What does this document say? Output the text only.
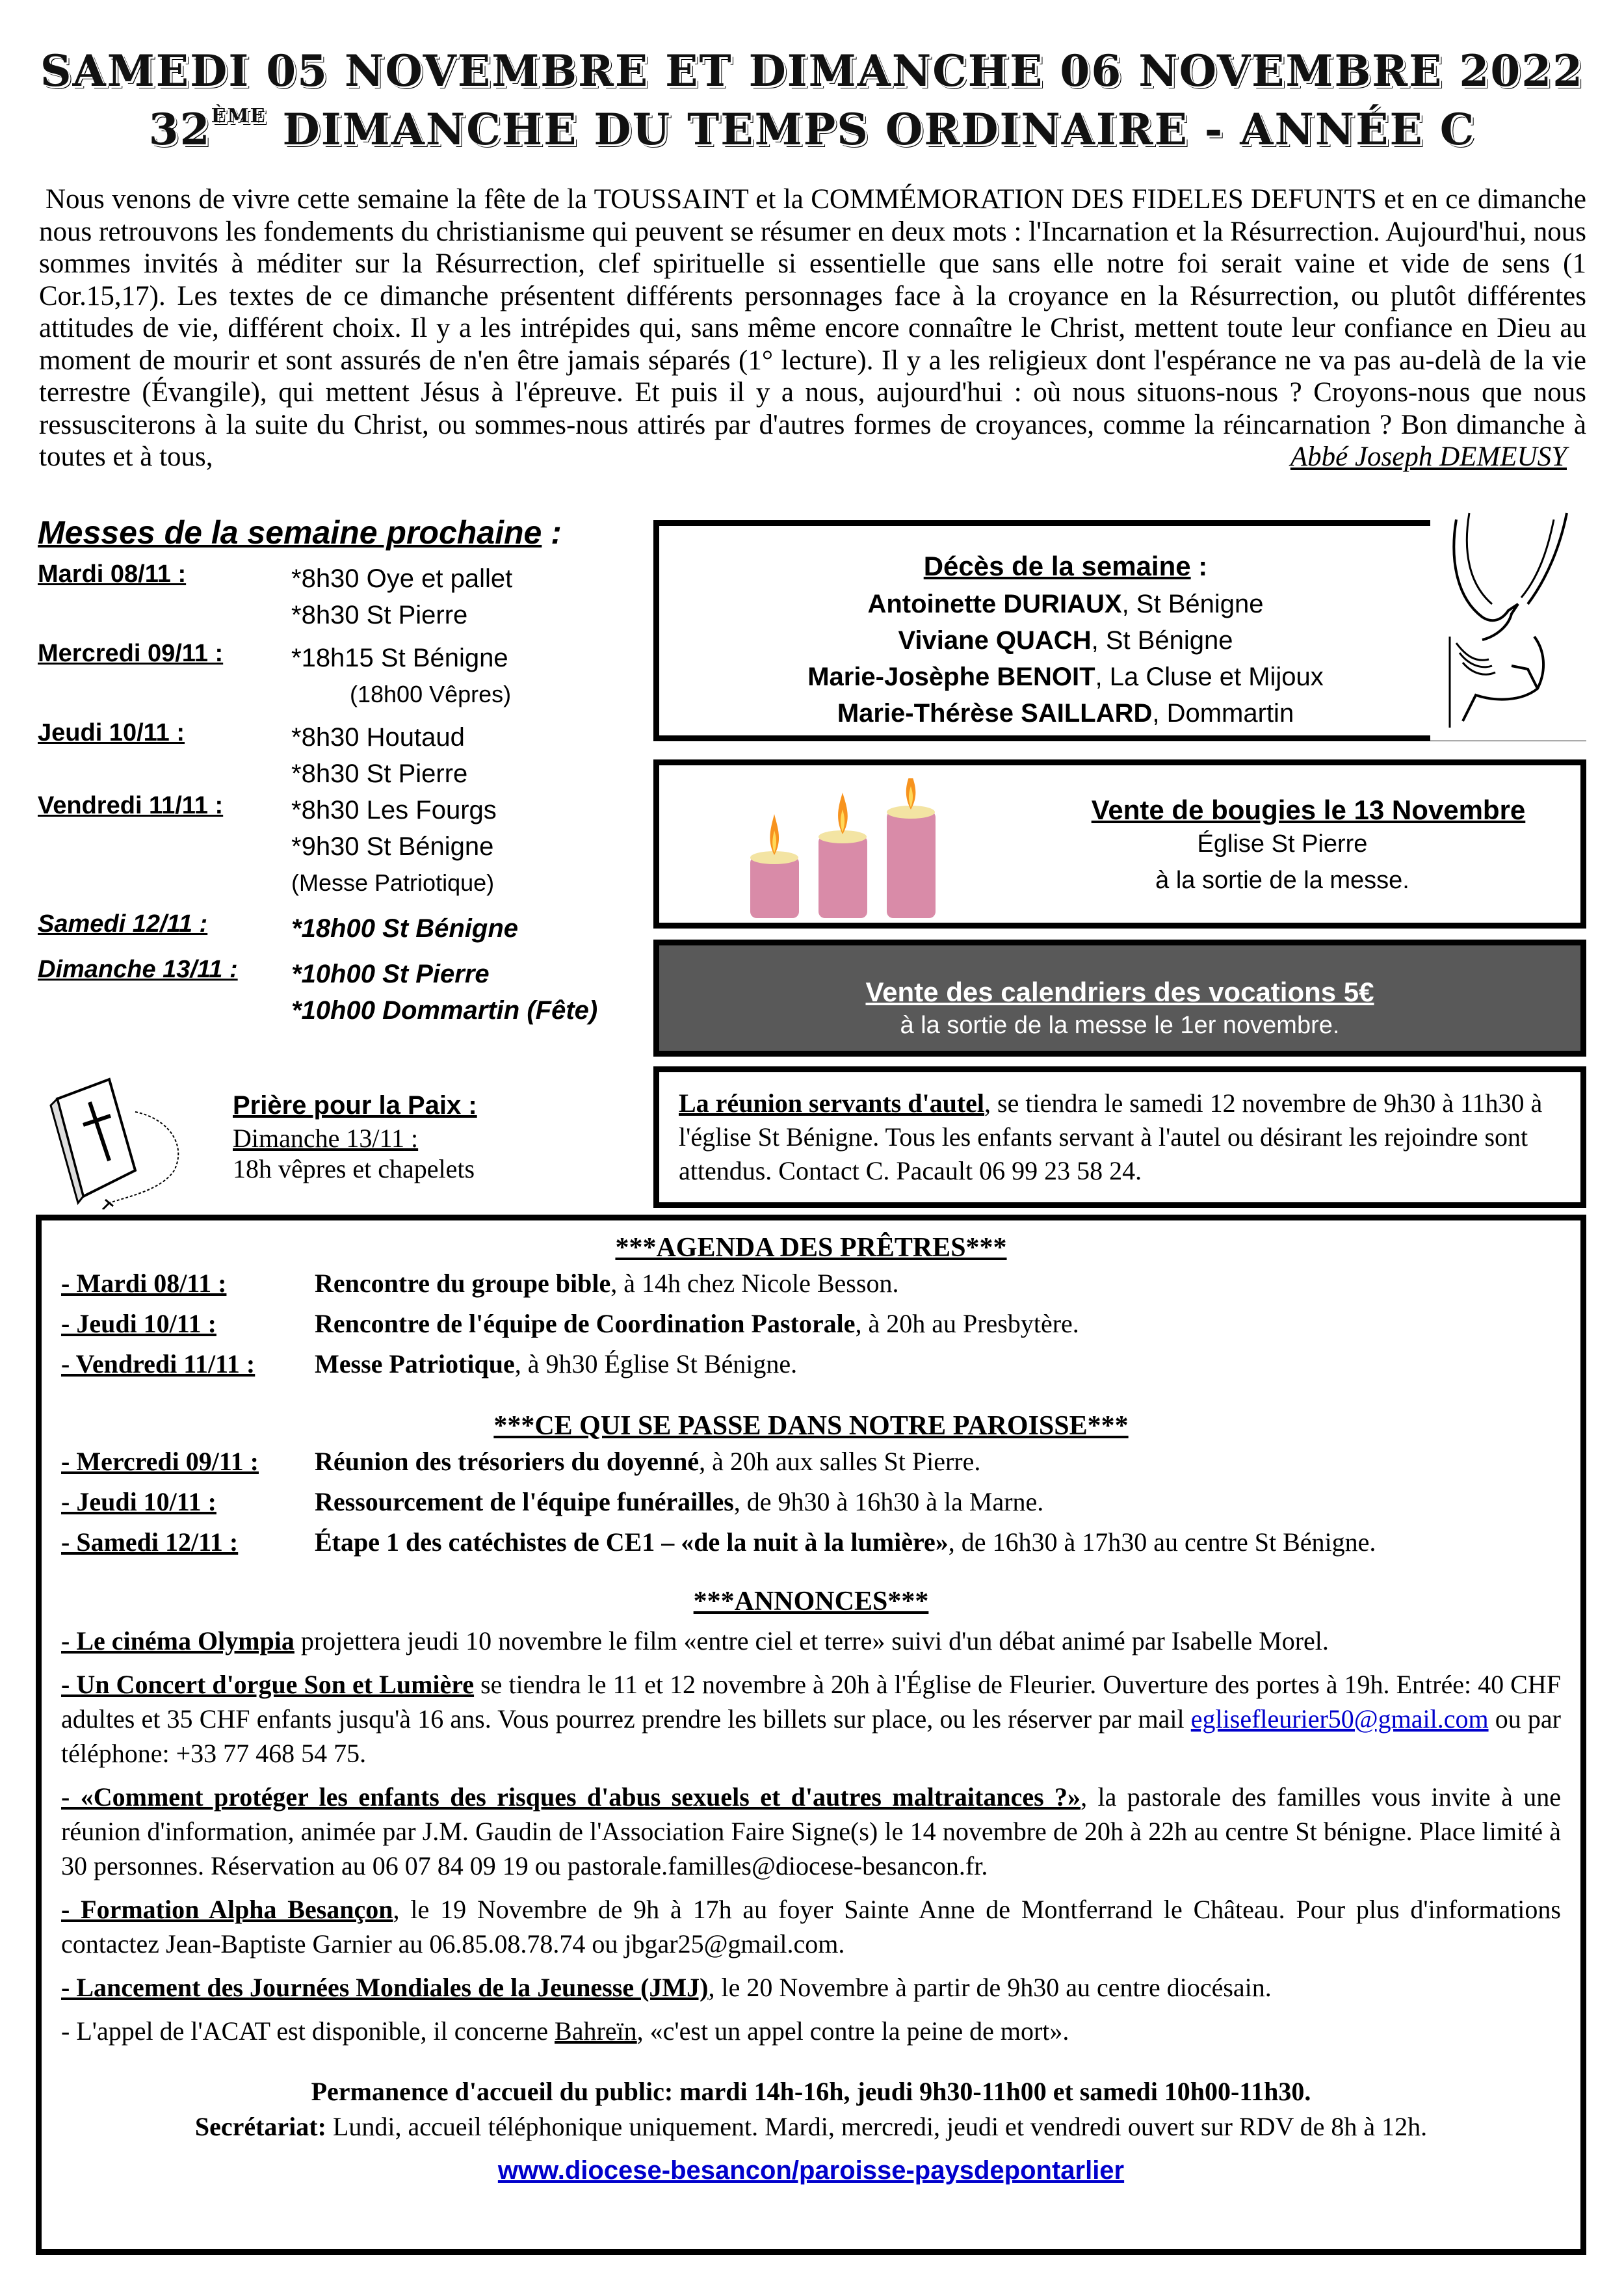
SAMEDI 05 NOVEMBRE ET DIMANCHE 06 NOVEMBRE 2022
32ÈME DIMANCHE DU TEMPS ORDINAIRE - ANNÉE C
Nous venons de vivre cette semaine la fête de la TOUSSAINT et la COMMÉMORATION DES FIDELES DEFUNTS et en ce dimanche nous retrouvons les fondements du christianisme qui peuvent se résumer en deux mots : l'Incarnation et la Résurrection. Aujourd'hui, nous sommes invités à méditer sur la Résurrection, clef spirituelle si essentielle que sans elle notre foi serait vaine et vide de sens (1 Cor.15,17). Les textes de ce dimanche présentent différents personnages face à la croyance en la Résurrection, ou plutôt différentes attitudes de vie, différent choix. Il y a les intrépides qui, sans même encore connaître le Christ, mettent toute leur confiance en Dieu au moment de mourir et sont assurés de n'en être jamais séparés (1° lecture). Il y a les religieux dont l'espérance ne va pas au-delà de la vie terrestre (Évangile), qui mettent Jésus à l'épreuve. Et puis il y a nous, aujourd'hui : où nous situons-nous ? Croyons-nous que nous ressusciterons à la suite du Christ, ou sommes-nous attirés par d'autres formes de croyances, comme la réincarnation ? Bon dimanche à toutes et à tous,	Abbé Joseph DEMEUSY
Messes de la semaine prochaine :
Mardi 08/11 :	*8h30 Oye et pallet
*8h30 St Pierre
Mercredi 09/11 :	*18h15 St Bénigne
(18h00 Vêpres)
Jeudi 10/11 :	*8h30 Houtaud
*8h30 St Pierre
Vendredi 11/11 :	*8h30 Les Fourgs
*9h30 St Bénigne
(Messe Patriotique)
Samedi 12/11 :	*18h00 St Bénigne
Dimanche 13/11 :	*10h00 St Pierre
*10h00 Dommartin (Fête)
Décès de la semaine :
Antoinette DURIAUX, St Bénigne
Viviane QUACH, St Bénigne
Marie-Josèphe BENOIT, La Cluse et Mijoux
Marie-Thérèse SAILLARD, Dommartin
Vente de bougies le 13 Novembre
Église St Pierre
à la sortie de la messe.
Vente des calendriers des vocations 5€
à la sortie de la messe le 1er novembre.
Prière pour la Paix :
Dimanche 13/11 :
18h vêpres et chapelets
La réunion servants d'autel, se tiendra le samedi 12 novembre de 9h30 à 11h30 à l'église St Bénigne. Tous les enfants servant à l'autel ou désirant les rejoindre sont attendus. Contact C. Pacault 06 99 23 58 24.
***AGENDA DES PRÊTRES***
- Mardi 08/11 :	Rencontre du groupe bible, à 14h chez Nicole Besson.
- Jeudi 10/11 :	Rencontre de l'équipe de Coordination Pastorale, à 20h au Presbytère.
- Vendredi 11/11 :	Messe Patriotique, à 9h30 Église St Bénigne.
***CE QUI SE PASSE DANS NOTRE PAROISSE***
- Mercredi 09/11 :	Réunion des trésoriers du doyenné, à 20h aux salles St Pierre.
- Jeudi 10/11 :	Ressourcement de l'équipe funérailles, de 9h30 à 16h30 à la Marne.
- Samedi 12/11 :	Étape 1 des catéchistes de CE1 – «de la nuit à la lumière», de 16h30 à 17h30 au centre St Bénigne.
***ANNONCES***

- Le cinéma Olympia projettera jeudi 10 novembre le film «entre ciel et terre» suivi d'un débat animé par Isabelle Morel.

- Un Concert d'orgue Son et Lumière se tiendra le 11 et 12 novembre à 20h à l'Église de Fleurier. Ouverture des portes à 19h. Entrée: 40 CHF adultes et 35 CHF enfants jusqu'à 16 ans. Vous pourrez prendre les billets sur place, ou les réserver par mail eglisefleurier50@gmail.com ou par téléphone: +33 77 468 54 75.

- «Comment protéger les enfants des risques d'abus sexuels et d'autres maltraitances ?», la pastorale des familles vous invite à une réunion d'information, animée par J.M. Gaudin de l'Association Faire Signe(s) le 14 novembre de 20h à 22h au centre St bénigne. Place limité à 30 personnes. Réservation au 06 07 84 09 19 ou pastorale.familles@diocese-besancon.fr.

- Formation Alpha Besançon, le 19 Novembre de 9h à 17h au foyer Sainte Anne de Montferrand le Château. Pour plus d'informations contactez Jean-Baptiste Garnier au 06.85.08.78.74 ou jbgar25@gmail.com.

- Lancement des Journées Mondiales de la Jeunesse (JMJ), le 20 Novembre à partir de 9h30 au centre diocésain.

- L'appel de l'ACAT est disponible, il concerne Bahreïn, «c'est un appel contre la peine de mort».

Permanence d'accueil du public: mardi 14h-16h, jeudi 9h30-11h00 et samedi 10h00-11h30.
Secrétariat: Lundi, accueil téléphonique uniquement. Mardi, mercredi, jeudi et vendredi ouvert sur RDV de 8h à 12h.
www.diocese-besancon/paroisse-paysdepontarlier
